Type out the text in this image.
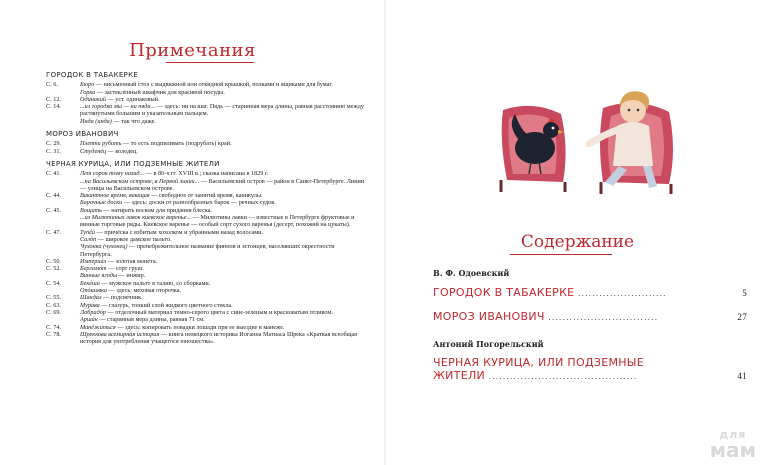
Примечания
ГОРОДОК В ТАБАКЕРКЕ
С. 6.	Бюро — письменный стол с выдвижной или откидной крышкой, полками и ящиками для бумаг.
Горка — застеклённый шкафчик для красивой посуды.
С. 12.	Одинакий — уст. одинаковый.
С. 14.	...из городка мы — ни пяди... — здесь: ни на шаг. Пядь — старинная мера длины, равная расстоянию между растянутыми большим и указательным пальцем.
Инда (инда) — так что даже.
МОРОЗ ИВАНОВИЧ
С. 29.	Плетни рубить — то есть подпиливать (подрубать) край.
С. 31.	Студенéц — колодец.
ЧЕРНАЯ КУРИЦА, ИЛИ ПОДЗЕМНЫЕ ЖИТЕЛИ
С. 41.	Лет сорок тому назад... — в 80-х гг. XVIII в.; сказка написана в 1829 г.
...на Васильевском острове, в Первой линии... — Васильевский остров — район в Санкт-Петербурге. Линии — улицы на Васильевском острове.
С. 44.	Вакантное время, вакация — свободное от занятий время, каникулы.
Барочные доски — здесь: доски от разнообразных барок — речных судов.
С. 45.	Вощить — натирать воском для придания блеска.
...из Милютиных лавок киевское варенье... — Милютины лавки — известные в Петербурге фруктовые и винные торговые ряды. Киевское варенье — особый сорт сухого варенья (десерт, похожий на цукаты).
С. 47.	Тупéй — причёска с взбитым хохолком и убранными назад волосами.
Салóп — широкое дамское пальто.
Чухонка (чухонец) — пренебрежительное название финнов и эстонцев, населявших окрестности Петербурга.
С. 50.	Империáл — золотая монета.
С. 52.	Бергамóт — сорт груш.
Винные ягоды — инжир.
С. 54.	Бекéша — мужское пальто в талию, со сборками.
Опóшивка — здесь: меховая оторочка.
С. 55.	Шандáл — подсвечник.
С. 63.	Мурáва — глазурь, тонкий слой жидкого цветного стекла.
С. 69.	Лабрадóр — отделочный материал темно-серого цвета с сине-зеленым и красноватым отливом.
Аршúн — старинная мера длины, равная 71 см.
С. 74.	Манéжиться — здесь: копировать повадки лошади при ее выездке в манеже.
С. 78.	Шреккова всемирная история — книга немецкого историка Иоганна Матиаса Шрека «Краткая всеобщая история для употребления учащегося юношества».
Содержание
В. Ф. Одоевский
ГОРОДОК В ТАБАКЕРКЕ .........................	5
МОРОЗ ИВАНОВИЧ ...............................	27
Антоний Погорельский
ЧЕРНАЯ КУРИЦА, ИЛИ ПОДЗЕМНЫЕ
ЖИТЕЛИ ..........................................	41
для
мам
